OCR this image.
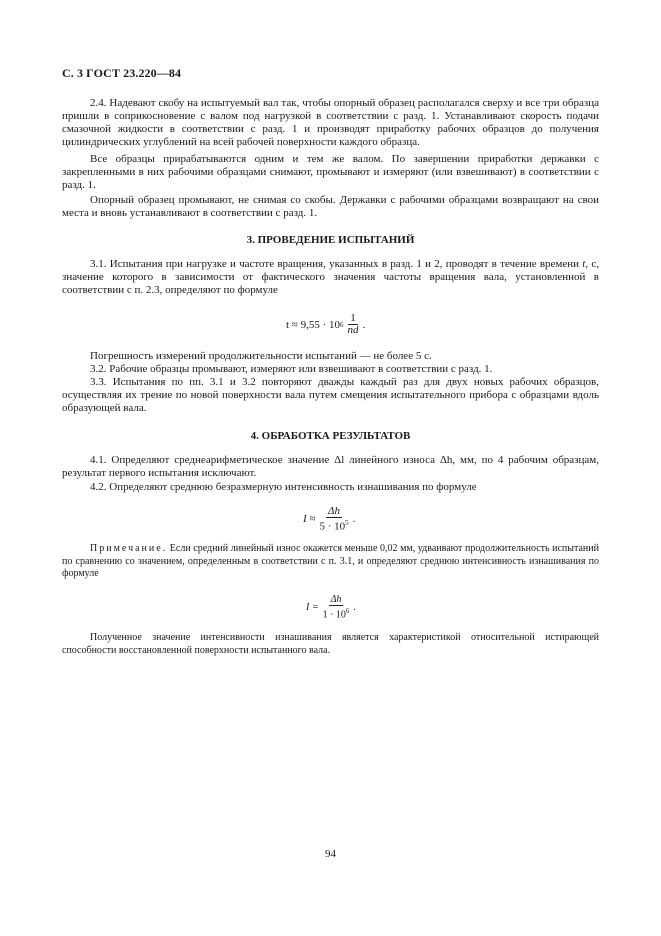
С. 3 ГОСТ 23.220—84
2.4. Надевают скобу на испытуемый вал так, чтобы опорный образец располагался сверху и все три образца пришли в соприкосновение с валом под нагрузкой в соответствии с разд. 1. Устанавливают скорость подачи смазочной жидкости в соответствии с разд. 1 и производят приработку рабочих образцов до получения цилиндрических углублений на всей рабочей поверхности каждого образца.
Все образцы прирабатываются одним и тем же валом. По завершении приработки державки с закрепленными в них рабочими образцами снимают, промывают и измеряют (или взвешивают) в соответствии с разд. 1.
Опорный образец промывают, не снимая со скобы. Державки с рабочими образцами возвращают на свои места и вновь устанавливают в соответствии с разд. 1.
3. ПРОВЕДЕНИЕ ИСПЫТАНИЙ
3.1. Испытания при нагрузке и частоте вращения, указанных в разд. 1 и 2, проводят в течение времени t, с, значение которого в зависимости от фактического значения частоты вращения вала, установленной в соответствии с п. 2.3, определяют по формуле
t ≈ 9,55 · 10 $6 \frac{1}{nd}$ .
Погрешность измерений продолжительности испытаний — не более 5 с.
3.2. Рабочие образцы промывают, измеряют или взвешивают в соответствии с разд. 1.
3.3. Испытания по пп. 3.1 и 3.2 повторяют дважды каждый раз для двух новых рабочих образцов, осуществляя их трение по новой поверхности вала путем смещения испытательного прибора с образцами вдоль образующей вала.
4. ОБРАБОТКА РЕЗУЛЬТАТОВ
4.1. Определяют среднеарифметическое значение Δl линейного износа Δh, мм, по 4 рабочим образцам, результат первого испытания исключают.
4.2. Определяют среднюю безразмерную интенсивность изнашивания по формуле
$I \approx \frac{\Delta h}{5 \cdot 10^5}$ .
Примечание. Если средний линейный износ окажется меньше 0,02 мм, удваивают продолжительность испытаний по сравнению со значением, определенным в соответствии с п. 3.1, и определяют среднюю интенсивность изнашивания по формуле
$I = \frac{\Delta h}{1 \cdot 10^6}$ .
Полученное значение интенсивности изнашивания является характеристикой относительной истирающей способности восстановленной поверхности испытанного вала.
94
